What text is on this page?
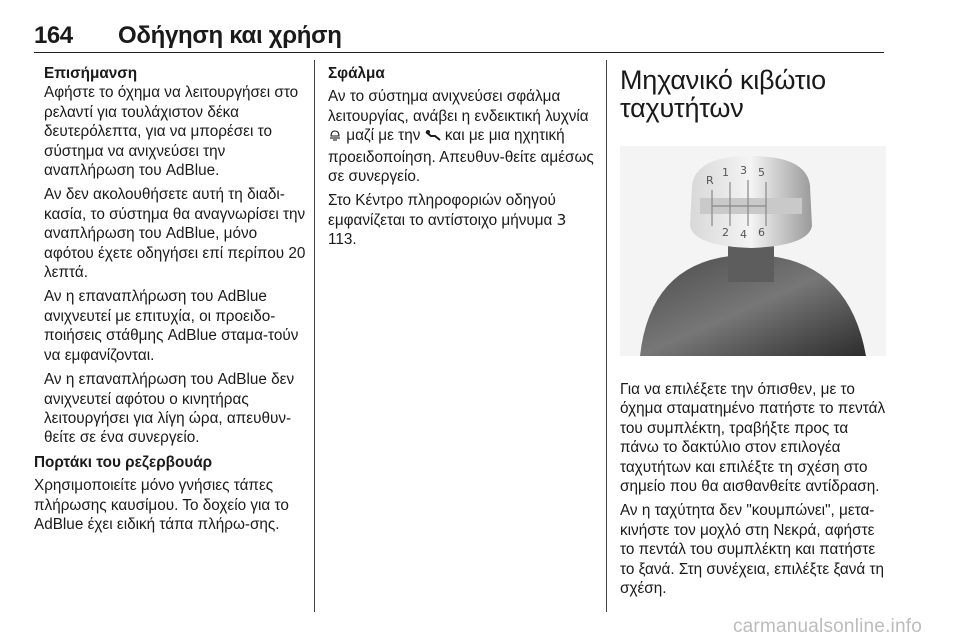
164 Οδήγηση και χρήση
Επισήμανση

Αφήστε το όχημα να λειτουργήσει στο ρελαντί για τουλάχιστον δέκα δευτερόλεπτα, για να μπορέσει το σύστημα να ανιχνεύσει την αναπλήρωση του AdBlue.

Αν δεν ακολουθήσετε αυτή τη διαδι-κασία, το σύστημα θα αναγνωρίσει την αναπλήρωση του AdBlue, μόνο αφότου έχετε οδηγήσει επί περίπου 20 λεπτά.

Αν η επαναπλήρωση του AdBlue ανιχνευτεί με επιτυχία, οι προειδο-ποιήσεις στάθμης AdBlue σταμα-τούν να εμφανίζονται.

Αν η επαναπλήρωση του AdBlue δεν ανιχνευτεί αφότου ο κινητήρας λειτουργήσει για λίγη ώρα, απευθυν-θείτε σε ένα συνεργείο.

Πορτάκι του ρεζερβουάρ

Χρησιμοποιείτε μόνο γνήσιες τάπες πλήρωσης καυσίμου. Το δοχείο για το AdBlue έχει ειδική τάπα πλήρω-σης.

Σφάλμα

Αν το σύστημα ανιχνεύσει σφάλμα λειτουργίας, ανάβει η ενδεικτική λυχνία  μαζί με την και με μια ηχητική προειδοποίηση. Απευθυν-θείτε αμέσως σε συνεργείο.

Στο Κέντρο πληροφοριών οδηγού εμφανίζεται το αντίστοιχο μήνυμα 3 113.

Μηχανικό κιβώτιο ταχυτήτων
R
1 3 5
2 4 6

Για να επιλέξετε την όπισθεν, με το όχημα σταματημένο πατήστε το πεντάλ του συμπλέκτη, τραβήξτε προς τα πάνω το δακτύλιο στον επιλογέα ταχυτήτων και επιλέξτε τη σχέση στο σημείο που θα αισθανθείτε αντίδραση.

Αν η ταχύτητα δεν "κουμπώνει", μετα-κινήστε τον μοχλό στη Νεκρά, αφήστε το πεντάλ του συμπλέκτη και πατήστε το ξανά. Στη συνέχεια, επιλέξτε ξανά τη σχέση.

carmanualsonline.info
